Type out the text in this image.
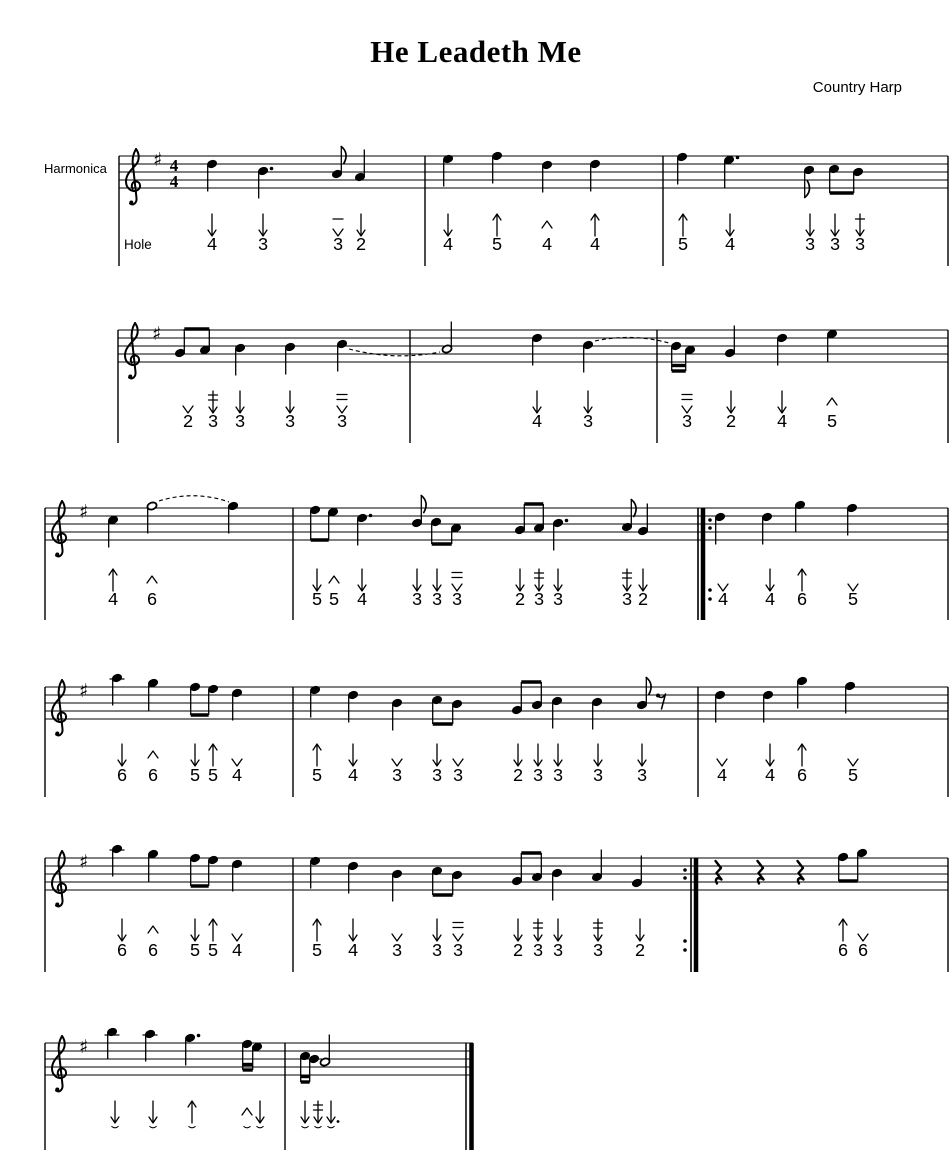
He Leadeth Me
Country Harp
Harmonica
Hole
♯ 4
4
4 3	3 2	4 5 4 4	5 4	3 3 3
♯
2 3 3 3 3	4 3	3 2 4 5
♯
4 6	5 5 4 3 3 3	2 3 3	3 2	4 4 6 5
♯
6 6 5 5 4	5 4 3 3 3	2 3 3 3 3	4 4 6 5
♯
6 6 5 5 4	5 4 3 3 3	2 3 3 3 2	6 6
♯
